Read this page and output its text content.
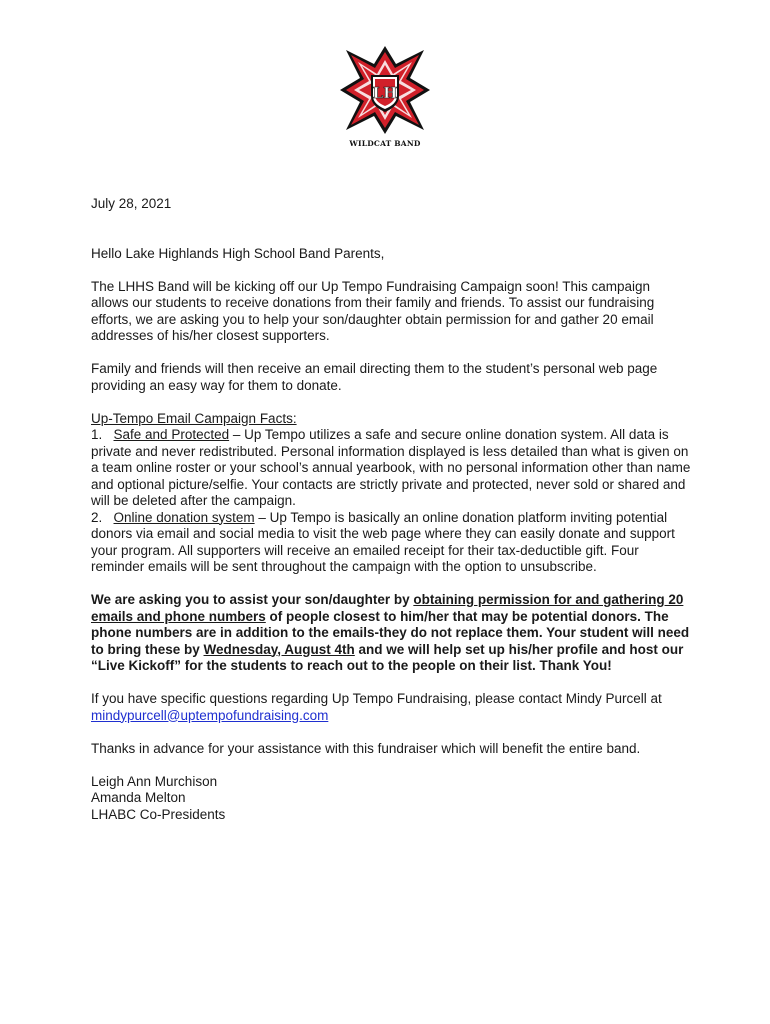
LH
WILDCAT BAND

July 28, 2021

Hello Lake Highlands High School Band Parents,

The LHHS Band will be kicking off our Up Tempo Fundraising Campaign soon! This campaign allows our students to receive donations from their family and friends. To assist our fundraising efforts, we are asking you to help your son/daughter obtain permission for and gather 20 email addresses of his/her closest supporters.

Family and friends will then receive an email directing them to the student’s personal web page providing an easy way for them to donate.

Up-Tempo Email Campaign Facts:

1.   Safe and Protected – Up Tempo utilizes a safe and secure online donation system. All data is private and never redistributed. Personal information displayed is less detailed than what is given on a team online roster or your school’s annual yearbook, with no personal information other than name and optional picture/selfie. Your contacts are strictly private and protected, never sold or shared and will be deleted after the campaign.

2.   Online donation system – Up Tempo is basically an online donation platform inviting potential donors via email and social media to visit the web page where they can easily donate and support your program. All supporters will receive an emailed receipt for their tax-deductible gift. Four reminder emails will be sent throughout the campaign with the option to unsubscribe.

We are asking you to assist your son/daughter by obtaining permission for and gathering 20 emails and phone numbers of people closest to him/her that may be potential donors. The phone numbers are in addition to the emails-they do not replace them. Your student will need to bring these by Wednesday, August 4th and we will help set up his/her profile and host our “Live Kickoff” for the students to reach out to the people on their list. Thank You!

If you have specific questions regarding Up Tempo Fundraising, please contact Mindy Purcell at mindypurcell@uptempofundraising.com

Thanks in advance for your assistance with this fundraiser which will benefit the entire band.

Leigh Ann Murchison

Amanda Melton

LHABC Co-Presidents
